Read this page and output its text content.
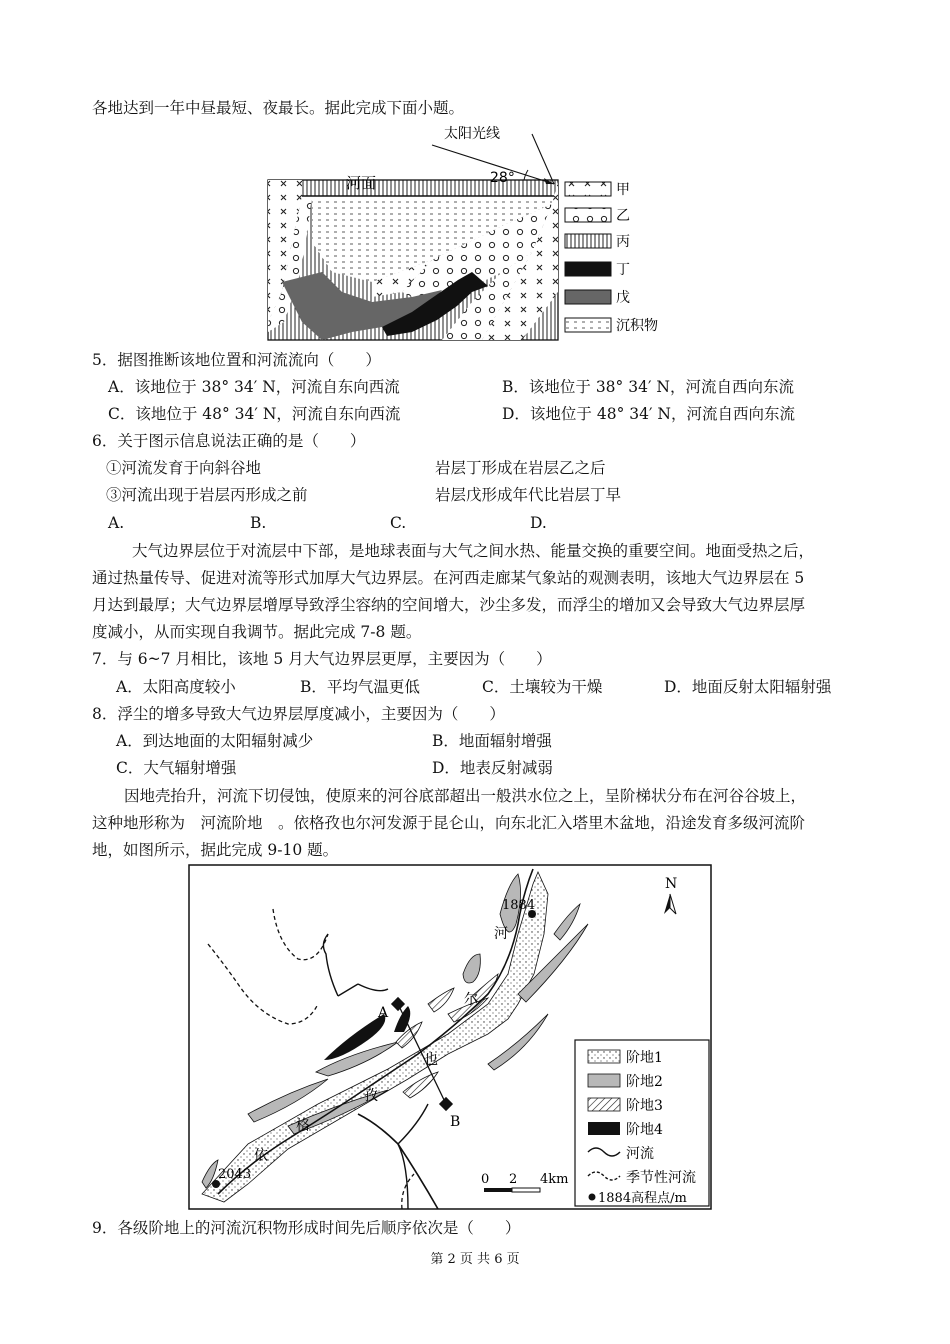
各地达到一年中昼最短、夜最长。据此完成下面小题。
太阳光线
28°
河面	甲
乙
丙
丁
戊
沉积物
5．据图推断该地位置和河流流向（　　）
A．该地位于 38° 34′ N，河流自东向西流	B．该地位于 38° 34′ N，河流自西向东流
C．该地位于 48° 34′ N，河流自东向西流	D．该地位于 48° 34′ N，河流自西向东流
6．关于图示信息说法正确的是（　　）
①河流发育于向斜谷地	岩层丁形成在岩层乙之后
③河流出现于岩层丙形成之前	岩层戊形成年代比岩层丁早
A.	B.	C.	D.
大气边界层位于对流层中下部，是地球表面与大气之间水热、能量交换的重要空间。地面受热之后，
通过热量传导、促进对流等形式加厚大气边界层。在河西走廊某气象站的观测表明，该地大气边界层在 5
月达到最厚；大气边界层增厚导致浮尘容纳的空间增大，沙尘多发，而浮尘的增加又会导致大气边界层厚
度减小，从而实现自我调节。据此完成 7-8 题。
7．与 6~7 月相比，该地 5 月大气边界层更厚，主要因为（　　）
A．太阳高度较小	B．平均气温更低	C．土壤较为干燥	D．地面反射太阳辐射强
8．浮尘的增多导致大气边界层厚度减小，主要因为（　　）
A．到达地面的太阳辐射减少	B．地面辐射增强
C．大气辐射增强	D．地表反射减弱
因地壳抬升，河流下切侵蚀，使原来的河谷底部超出一般洪水位之上，呈阶梯状分布在河谷谷坡上，
这种地形称为　河流阶地　。依格孜也尔河发源于昆仑山，向东北汇入塔里木盆地，沿途发育多级河流阶
地，如图所示，据此完成 9-10 题。
A
B
河
尔
也
孜
格
依
1884
2043
N
0 2 4km
阶地1
阶地2
阶地3
阶地4
河流
季节性河流
1884高程点/m
9．各级阶地上的河流沉积物形成时间先后顺序依次是（　　）
第 2 页 共 6 页
